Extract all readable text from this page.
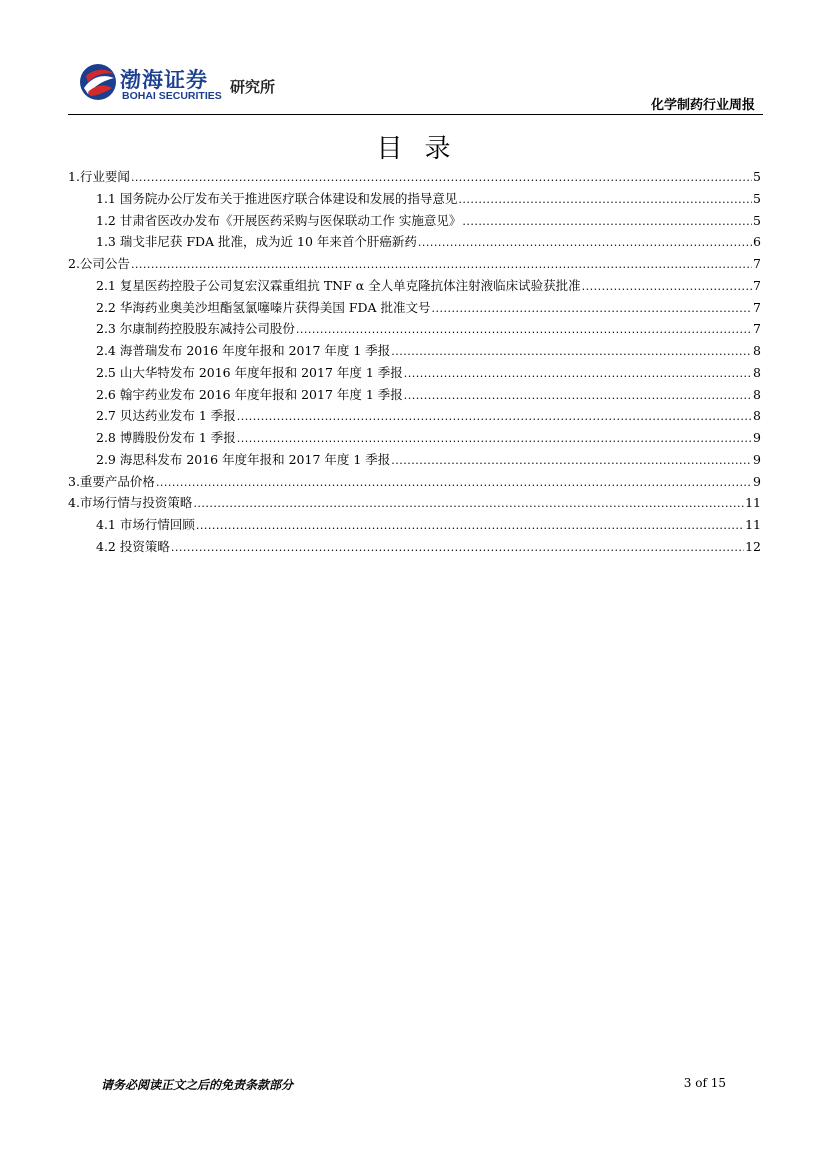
渤海证券
BOHAI SECURITIES 研究所
化学制药行业周报
目录
1.行业要闻 .....	5
1.1 国务院办公厅发布关于推进医疗联合体建设和发展的指导意见 .....	5
1.2 甘肃省医改办发布《开展医药采购与医保联动工作 实施意见》 .....	5
1.3 瑞戈非尼获 FDA 批准，成为近 10 年来首个肝癌新药 .....	6
2.公司公告 .....	7
2.1 复星医药控股子公司复宏汉霖重组抗 TNF α 全人单克隆抗体注射液临床试验获批准 .....	7
2.2 华海药业奥美沙坦酯氢氯噻嗪片获得美国 FDA 批准文号 .....	7
2.3 尔康制药控股股东减持公司股份 .....	7
2.4 海普瑞发布 2016 年度年报和 2017 年度 1 季报 .....	8
2.5 山大华特发布 2016 年度年报和 2017 年度 1 季报 .....	8
2.6 翰宇药业发布 2016 年度年报和 2017 年度 1 季报 .....	8
2.7 贝达药业发布 1 季报 .....	8
2.8 博腾股份发布 1 季报 .....	9
2.9 海思科发布 2016 年度年报和 2017 年度 1 季报 .....	9
3.重要产品价格 .....	9
4.市场行情与投资策略 .....	11
4.1 市场行情回顾 .....	11
4.2 投资策略 .....	12
请务必阅读正文之后的免责条款部分	3 of 15
